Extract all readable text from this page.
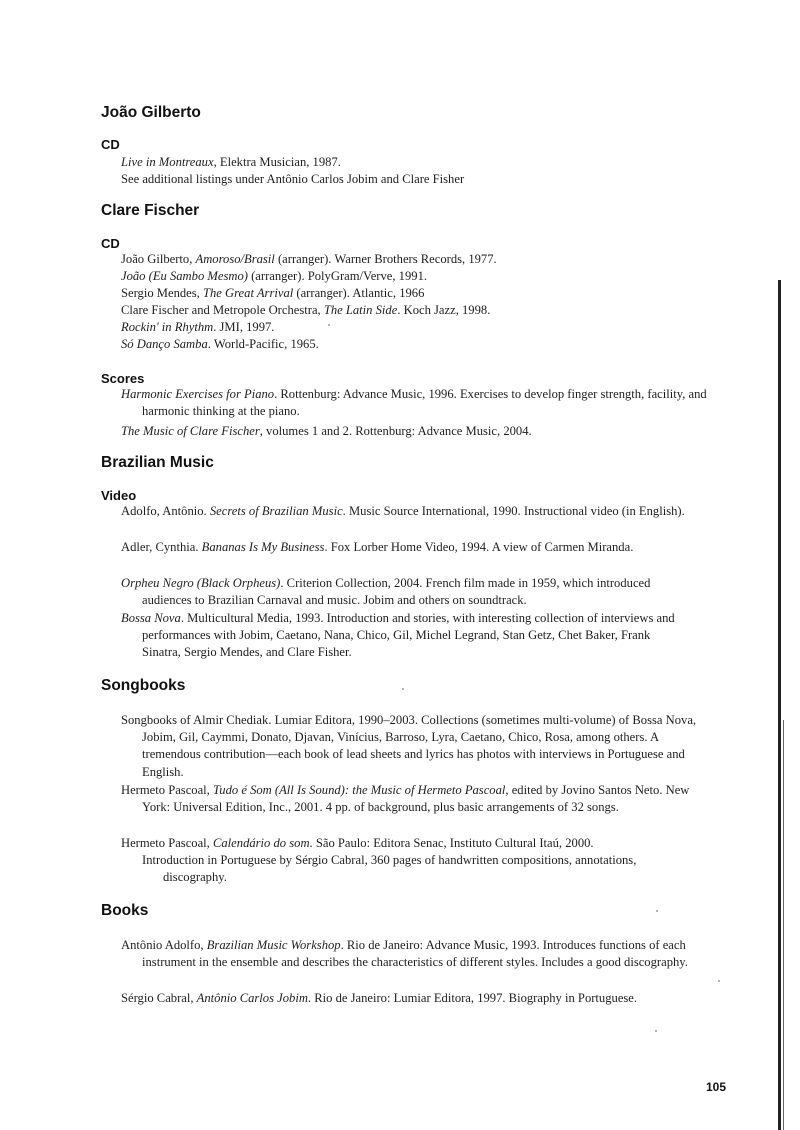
João Gilberto
CD

Live in Montreaux, Elektra Musician, 1987.

See additional listings under Antônio Carlos Jobim and Clare Fisher

Clare Fischer
CD

João Gilberto, Amoroso/Brasil (arranger). Warner Brothers Records, 1977.

João (Eu Sambo Mesmo) (arranger). PolyGram/Verve, 1991.

Sergio Mendes, The Great Arrival (arranger). Atlantic, 1966

Clare Fischer and Metropole Orchestra, The Latin Side. Koch Jazz, 1998.

Rockin' in Rhythm. JMI, 1997.

Só Danço Samba. World-Pacific, 1965.

Scores

Harmonic Exercises for Piano. Rottenburg: Advance Music, 1996. Exercises to develop finger strength, facility, and harmonic thinking at the piano.

The Music of Clare Fischer, volumes 1 and 2. Rottenburg: Advance Music, 2004.

Brazilian Music
Video

Adolfo, Antônio. Secrets of Brazilian Music. Music Source International, 1990. Instructional video (in English).

Adler, Cynthia. Bananas Is My Business. Fox Lorber Home Video, 1994. A view of Carmen Miranda.

Orpheu Negro (Black Orpheus). Criterion Collection, 2004. French film made in 1959, which introduced audiences to Brazilian Carnaval and music. Jobim and others on soundtrack.

Bossa Nova. Multicultural Media, 1993. Introduction and stories, with interesting collection of interviews and performances with Jobim, Caetano, Nana, Chico, Gil, Michel Legrand, Stan Getz, Chet Baker, Frank Sinatra, Sergio Mendes, and Clare Fisher.

Songbooks

Songbooks of Almir Chediak. Lumiar Editora, 1990–2003. Collections (sometimes multi-volume) of Bossa Nova, Jobim, Gil, Caymmi, Donato, Djavan, Vinícius, Barroso, Lyra, Caetano, Chico, Rosa, among others. A tremendous contribution—each book of lead sheets and lyrics has photos with interviews in Portuguese and English.

Hermeto Pascoal, Tudo é Som (All Is Sound): the Music of Hermeto Pascoal, edited by Jovino Santos Neto. New York: Universal Edition, Inc., 2001. 4 pp. of background, plus basic arrangements of 32 songs.

Hermeto Pascoal, Calendário do som. São Paulo: Editora Senac, Instituto Cultural Itaú, 2000.

Introduction in Portuguese by Sérgio Cabral, 360 pages of handwritten compositions, annotations, discography.

Books

Antônio Adolfo, Brazilian Music Workshop. Rio de Janeiro: Advance Music, 1993. Introduces functions of each instrument in the ensemble and describes the characteristics of different styles. Includes a good discography.

Sérgio Cabral, Antônio Carlos Jobim. Rio de Janeiro: Lumiar Editora, 1997. Biography in Portuguese.

105
